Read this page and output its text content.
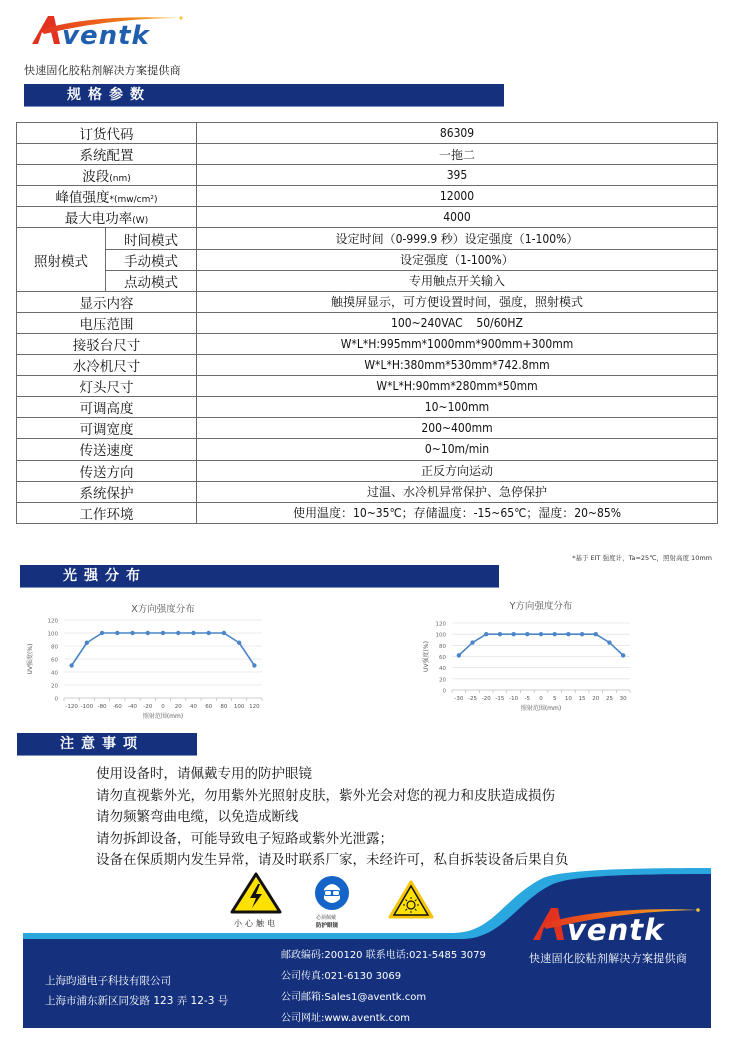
ventk
快速固化胶粘剂解决方案提供商
规格参数
订货代码		86309
系统配置		一拖二
波段(nm)		395
峰值强度*(mw/cm²)		12000
最大电功率(W)		4000
照射模式	时间模式	设定时间（0-999.9 秒）设定强度（1-100%）
	手动模式	设定强度（1-100%）
	点动模式	专用触点开关输入
显示内容		触摸屏显示，可方便设置时间，强度，照射模式
电压范围		100~240VAC    50/60HZ
接驳台尺寸		W*L*H:995mm*1000mm*900mm+300mm
水冷机尺寸		W*L*H:380mm*530mm*742.8mm
灯头尺寸		W*L*H:90mm*280mm*50mm
可调高度		10~100mm
可调宽度		200~400mm
传送速度		0~10m/min
传送方向		正反方向运动
系统保护		过温、水冷机异常保护、急停保护
工作环境		使用温度：10~35℃；存储温度：-15~65℃；湿度：20~85%
*基于 EIT 强度计，Ta=25℃，照射高度 10mm
光强分布
X方向强度分布
0
20
40
60
80
100
120
-120 -100 -80 -60 -40 -20 0 20 40 60 80 100 120
照射范围(mm)
UV强度(%)
Y方向强度分布
0
20
40
60
80
100
120
-30 -25 -20 -15 -10 -5 0 5 10 15 20 25 30
照射范围(mm)
UV强度(%)
注意事项
使用设备时，请佩戴专用的防护眼镜
请勿直视紫外光，勿用紫外光照射皮肤，紫外光会对您的视力和皮肤造成损伤
请勿频繁弯曲电缆，以免造成断线
请勿拆卸设备，可能导致电子短路或紫外光泄露；
设备在保质期内发生异常，请及时联系厂家，未经许可，私自拆装设备后果自负
上海昀通电子科技有限公司
上海市浦东新区同发路 123 弄 12-3 号
邮政编码:200120 联系电话:021-5485 3079
公司传真:021-6130 3069
公司邮箱:Sales1@aventk.com
公司网址:www.aventk.com
ventk
快速固化胶粘剂解决方案提供商
小心触电
必须佩戴
防护眼镜
